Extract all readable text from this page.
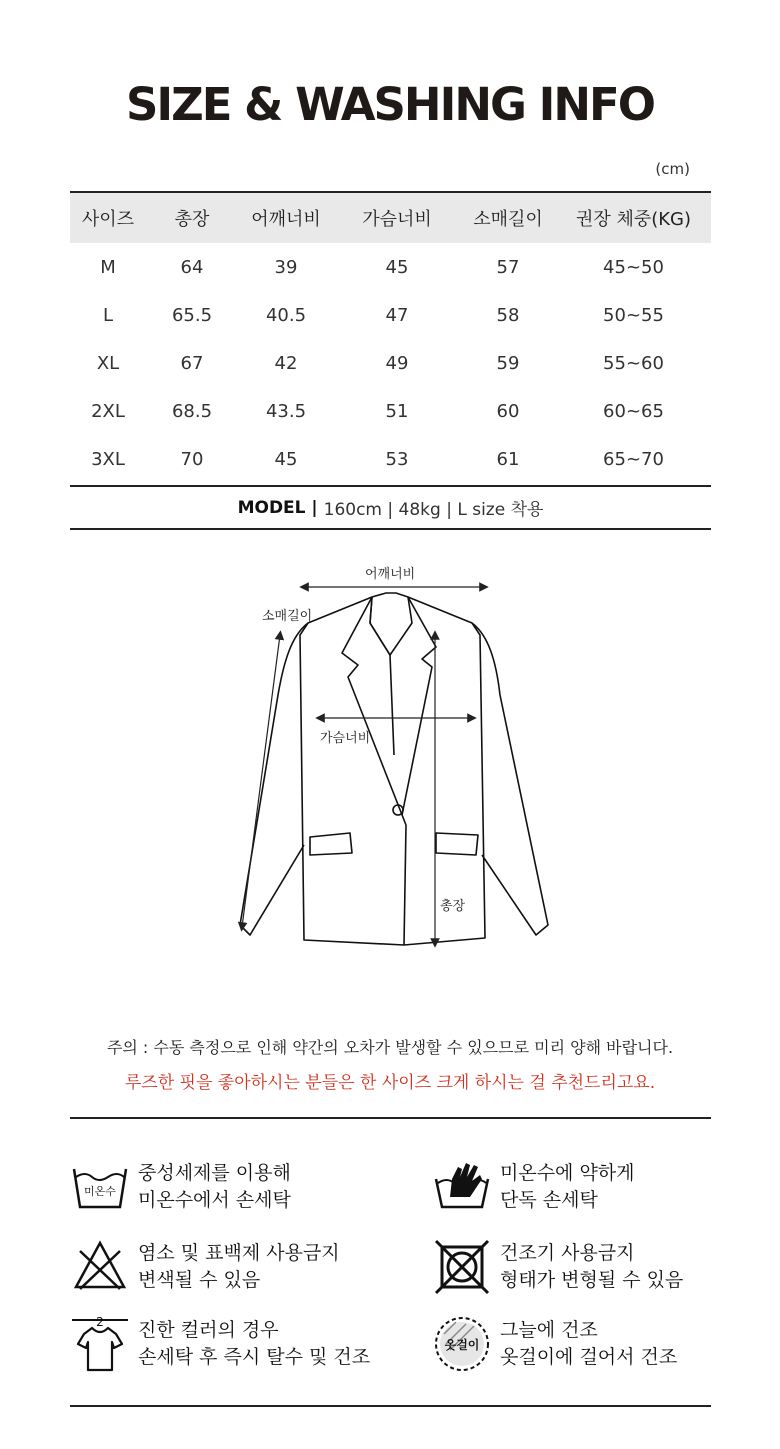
SIZE & WASHING INFO
(cm)
사이즈	총장	어깨너비	가슴너비	소매길이	권장 체중(KG)
M	64	39	45	57	45~50
L	65.5	40.5	47	58	50~55
XL	67	42	49	59	55~60
2XL	68.5	43.5	51	60	60~65
3XL	70	45	53	61	65~70
MODEL | 160cm | 48kg | L size 착용
어깨너비
소매길이
가슴너비
총장
주의 : 수동 측정으로 인해 약간의 오차가 발생할 수 있으므로 미리 양해 바랍니다.
루즈한 핏을 좋아하시는 분들은 한 사이즈 크게 하시는 걸 추천드리고요.
미온수
중성세제를 이용해
미온수에서 손세탁
미온수에 약하게
단독 손세탁
염소 및 표백제 사용금지
변색될 수 있음
건조기 사용금지
형태가 변형될 수 있음
2 진한 컬러의 경우
손세탁 후 즉시 탈수 및 건조
옷걸이
그늘에 건조
옷걸이에 걸어서 건조
